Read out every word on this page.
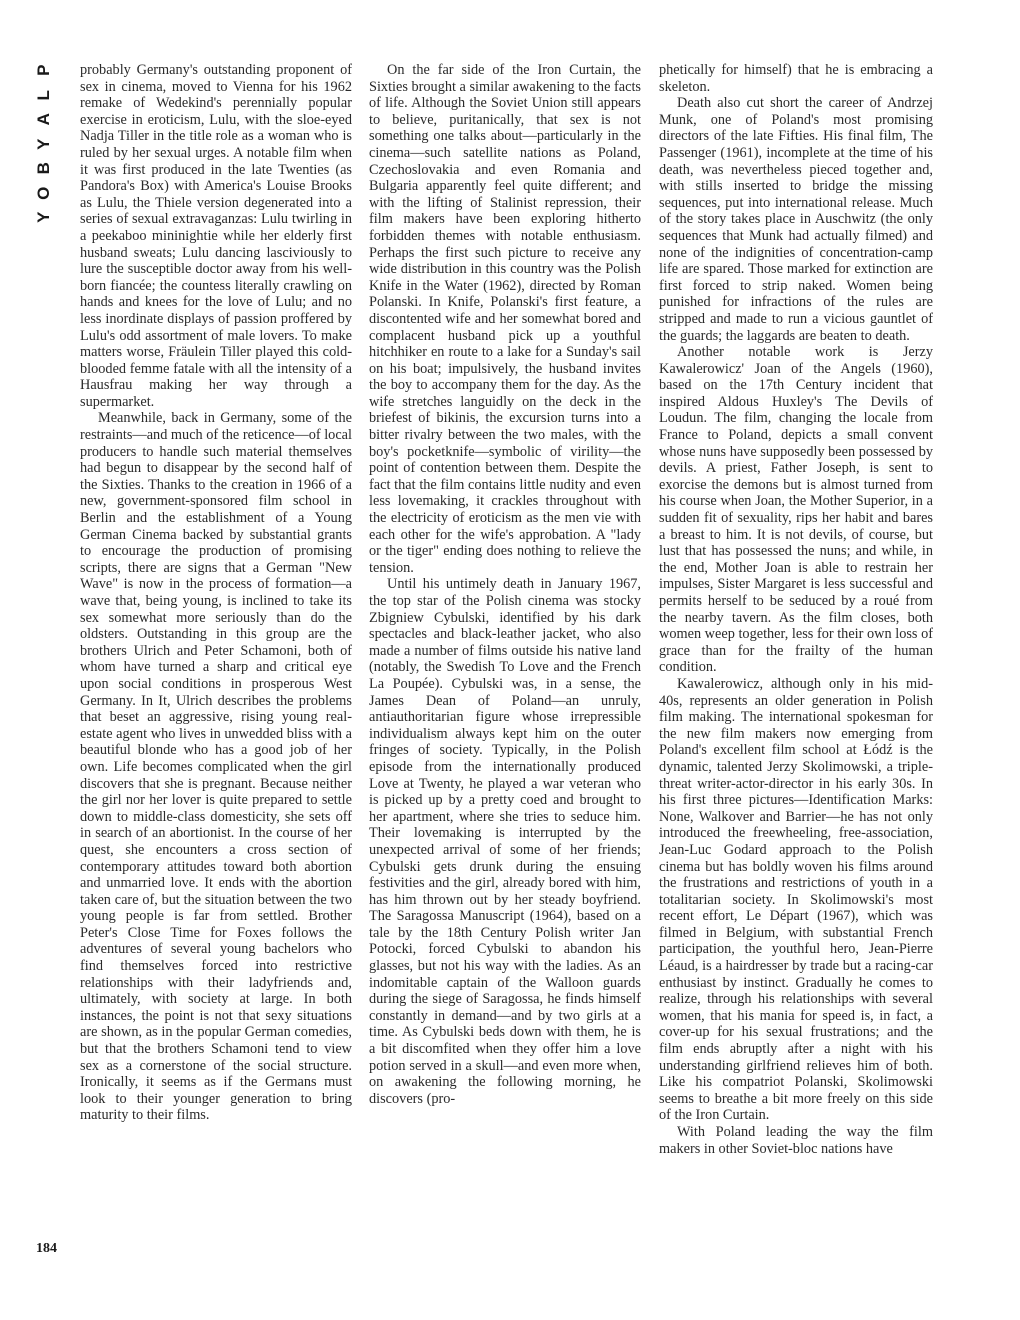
P
L
A
Y
B
O
Y

probably Germany's outstanding proponent of sex in cinema, moved to Vienna for his 1962 remake of Wedekind's perennially popular exercise in eroticism, Lulu, with the sloe-eyed Nadja Tiller in the title role as a woman who is ruled by her sexual urges. A notable film when it was first produced in the late Twenties (as Pandora's Box) with America's Louise Brooks as Lulu, the Thiele version degenerated into a series of sexual extravaganzas: Lulu twirling in a peekaboo mininightie while her elderly first husband sweats; Lulu dancing lasciviously to lure the susceptible doctor away from his well-born fiancée; the countess literally crawling on hands and knees for the love of Lulu; and no less inordinate displays of passion proffered by Lulu's odd assortment of male lovers. To make matters worse, Fräulein Tiller played this cold-blooded femme fatale with all the intensity of a Hausfrau making her way through a supermarket.

Meanwhile, back in Germany, some of the restraints—and much of the reticence—of local producers to handle such material themselves had begun to disappear by the second half of the Sixties. Thanks to the creation in 1966 of a new, government-sponsored film school in Berlin and the establishment of a Young German Cinema backed by substantial grants to encourage the production of promising scripts, there are signs that a German "New Wave" is now in the process of formation—a wave that, being young, is inclined to take its sex somewhat more seriously than do the oldsters. Outstanding in this group are the brothers Ulrich and Peter Schamoni, both of whom have turned a sharp and critical eye upon social conditions in prosperous West Germany. In It, Ulrich describes the problems that beset an aggressive, rising young real-estate agent who lives in unwedded bliss with a beautiful blonde who has a good job of her own. Life becomes complicated when the girl discovers that she is pregnant. Because neither the girl nor her lover is quite prepared to settle down to middle-class domesticity, she sets off in search of an abortionist. In the course of her quest, she encounters a cross section of contemporary attitudes toward both abortion and unmarried love. It ends with the abortion taken care of, but the situation between the two young people is far from settled. Brother Peter's Close Time for Foxes follows the adventures of several young bachelors who find themselves forced into restrictive relationships with their ladyfriends and, ultimately, with society at large. In both instances, the point is not that sexy situations are shown, as in the popular German comedies, but that the brothers Schamoni tend to view sex as a cornerstone of the social structure. Ironically, it seems as if the Germans must look to their younger generation to bring maturity to their films.

On the far side of the Iron Curtain, the Sixties brought a similar awakening to the facts of life. Although the Soviet Union still appears to believe, puritanically, that sex is not something one talks about—particularly in the cinema—such satellite nations as Poland, Czechoslovakia and even Romania and Bulgaria apparently feel quite different; and with the lifting of Stalinist repression, their film makers have been exploring hitherto forbidden themes with notable enthusiasm. Perhaps the first such picture to receive any wide distribution in this country was the Polish Knife in the Water (1962), directed by Roman Polanski. In Knife, Polanski's first feature, a discontented wife and her somewhat bored and complacent husband pick up a youthful hitchhiker en route to a lake for a Sunday's sail on his boat; impulsively, the husband invites the boy to accompany them for the day. As the wife stretches languidly on the deck in the briefest of bikinis, the excursion turns into a bitter rivalry between the two males, with the boy's pocketknife—symbolic of virility—the point of contention between them. Despite the fact that the film contains little nudity and even less lovemaking, it crackles throughout with the electricity of eroticism as the men vie with each other for the wife's approbation. A "lady or the tiger" ending does nothing to relieve the tension.

Until his untimely death in January 1967, the top star of the Polish cinema was stocky Zbigniew Cybulski, identified by his dark spectacles and black-leather jacket, who also made a number of films outside his native land (notably, the Swedish To Love and the French La Poupée). Cybulski was, in a sense, the James Dean of Poland—an unruly, antiauthoritarian figure whose irrepressible individualism always kept him on the outer fringes of society. Typically, in the Polish episode from the internationally produced Love at Twenty, he played a war veteran who is picked up by a pretty coed and brought to her apartment, where she tries to seduce him. Their lovemaking is interrupted by the unexpected arrival of some of her friends; Cybulski gets drunk during the ensuing festivities and the girl, already bored with him, has him thrown out by her steady boyfriend. The Saragossa Manuscript (1964), based on a tale by the 18th Century Polish writer Jan Potocki, forced Cybulski to abandon his glasses, but not his way with the ladies. As an indomitable captain of the Walloon guards during the siege of Saragossa, he finds himself constantly in demand—and by two girls at a time. As Cybulski beds down with them, he is a bit discomfited when they offer him a love potion served in a skull—and even more when, on awakening the following morning, he discovers (pro-

phetically for himself) that he is embracing a skeleton.

Death also cut short the career of Andrzej Munk, one of Poland's most promising directors of the late Fifties. His final film, The Passenger (1961), incomplete at the time of his death, was nevertheless pieced together and, with stills inserted to bridge the missing sequences, put into international release. Much of the story takes place in Auschwitz (the only sequences that Munk had actually filmed) and none of the indignities of concentration-camp life are spared. Those marked for extinction are first forced to strip naked. Women being punished for infractions of the rules are stripped and made to run a vicious gauntlet of the guards; the laggards are beaten to death.

Another notable work is Jerzy Kawalerowicz' Joan of the Angels (1960), based on the 17th Century incident that inspired Aldous Huxley's The Devils of Loudun. The film, changing the locale from France to Poland, depicts a small convent whose nuns have supposedly been possessed by devils. A priest, Father Joseph, is sent to exorcise the demons but is almost turned from his course when Joan, the Mother Superior, in a sudden fit of sexuality, rips her habit and bares a breast to him. It is not devils, of course, but lust that has possessed the nuns; and while, in the end, Mother Joan is able to restrain her impulses, Sister Margaret is less successful and permits herself to be seduced by a roué from the nearby tavern. As the film closes, both women weep together, less for their own loss of grace than for the frailty of the human condition.

Kawalerowicz, although only in his mid-40s, represents an older generation in Polish film making. The international spokesman for the new film makers now emerging from Poland's excellent film school at Łódź is the dynamic, talented Jerzy Skolimowski, a triple-threat writer-actor-director in his early 30s. In his first three pictures—Identification Marks: None, Walkover and Barrier—he has not only introduced the freewheeling, free-association, Jean-Luc Godard approach to the Polish cinema but has boldly woven his films around the frustrations and restrictions of youth in a totalitarian society. In Skolimowski's most recent effort, Le Départ (1967), which was filmed in Belgium, with substantial French participation, the youthful hero, Jean-Pierre Léaud, is a hairdresser by trade but a racing-car enthusiast by instinct. Gradually he comes to realize, through his relationships with several women, that his mania for speed is, in fact, a cover-up for his sexual frustrations; and the film ends abruptly after a night with his understanding girlfriend relieves him of both. Like his compatriot Polanski, Skolimowski seems to breathe a bit more freely on this side of the Iron Curtain.

With Poland leading the way the film makers in other Soviet-bloc nations have

184
